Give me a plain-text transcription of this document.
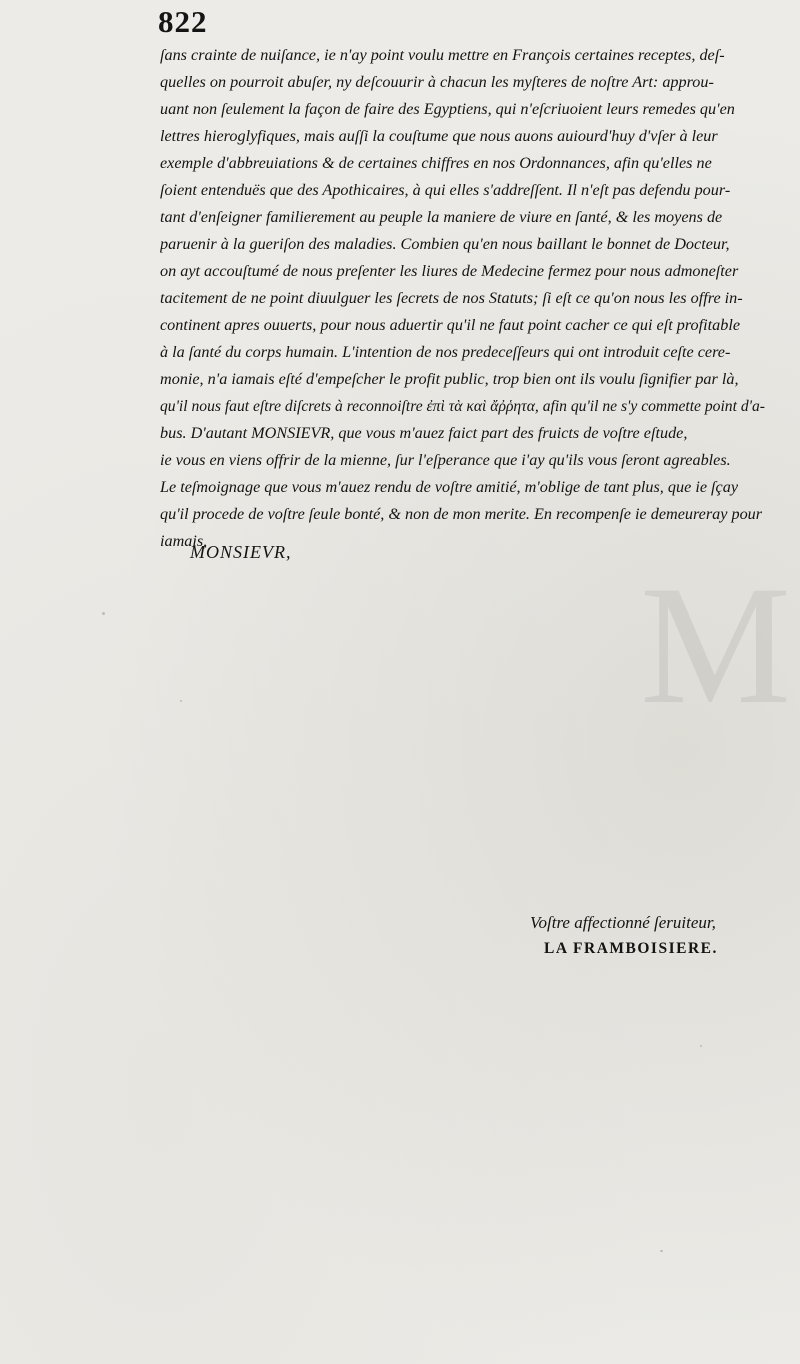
M
822
ſans crainte de nuiſance, ie n'ay point voulu mettre en François certaines receptes, deſ-
quelles on pourroit abuſer, ny deſcouurir à chacun les myſteres de noſtre Art: approu-
uant non ſeulement la façon de faire des Egyptiens, qui n'eſcriuoient leurs remedes qu'en
lettres hieroglyfiques, mais auſſi la couſtume que nous auons auiourd'huy d'vſer à leur
exemple d'abbreuiations & de certaines chiffres en nos Ordonnances, afin qu'elles ne
ſoient entenduës que des Apothicaires, à qui elles s'addreſſent. Il n'eſt pas defendu pour-
tant d'enſeigner familierement au peuple la maniere de viure en ſanté, & les moyens de
paruenir à la gueriſon des maladies. Combien qu'en nous baillant le bonnet de Docteur,
on ayt accouſtumé de nous preſenter les liures de Medecine fermez pour nous admoneſter
tacitement de ne point diuulguer les ſecrets de nos Statuts; ſi eſt ce qu'on nous les offre in-
continent apres ouuerts, pour nous aduertir qu'il ne faut point cacher ce qui eſt profitable
à la ſanté du corps humain. L'intention de nos predeceſſeurs qui ont introduit ceſte cere-
monie, n'a iamais eſté d'empeſcher le profit public, trop bien ont ils voulu ſignifier par là,
qu'il nous faut eſtre diſcrets à reconnoiſtre ἐπὶ τὰ καὶ ἄῤῥητα, afin qu'il ne s'y commette point d'a-
bus. D'autant MONSIEVR, que vous m'auez faict part des fruicts de voſtre eſtude,
ie vous en viens offrir de la mienne, ſur l'eſperance que i'ay qu'ils vous ſeront agreables.
Le teſmoignage que vous m'auez rendu de voſtre amitié, m'oblige de tant plus, que ie ſçay
qu'il procede de voſtre ſeule bonté, & non de mon merite. En recompenſe ie demeureray pour
iamais,
MONSIEVR,
Voſtre affectionné ſeruiteur,
LA FRAMBOISIERE.
